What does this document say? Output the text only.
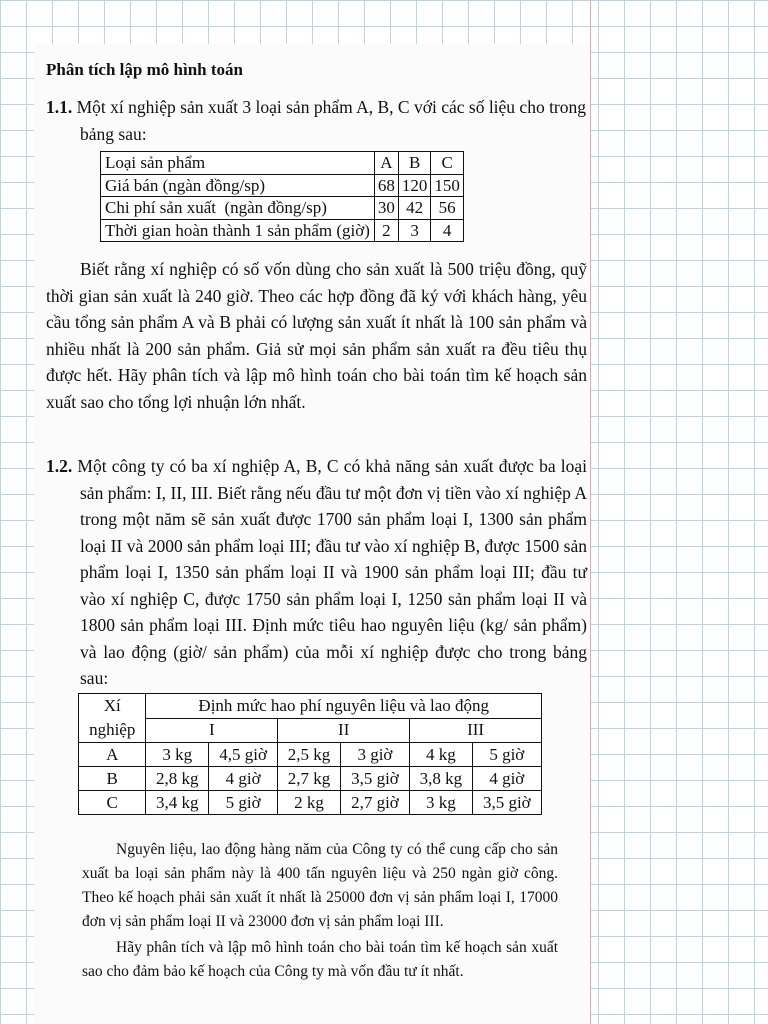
Phân tích lập mô hình toán

1.1. Một xí nghiệp sản xuất 3 loại sản phẩm A, B, C với các số liệu cho trong bảng sau:

Loại sản phẩm	A	B	C
Giá bán (ngàn đồng/sp)	68	120	150
Chi phí sản xuất  (ngàn đồng/sp)	30	42	56
Thời gian hoàn thành 1 sản phẩm (giờ)	2	3	4

Biết rằng xí nghiệp có số vốn dùng cho sản xuất là 500 triệu đồng, quỹ thời gian sản xuất là 240 giờ. Theo các hợp đồng đã ký với khách hàng, yêu cầu tổng sản phẩm A và B phải có lượng sản xuất ít nhất là 100 sản phẩm và nhiều nhất là 200 sản phẩm. Giả sử mọi sản phẩm sản xuất ra đều tiêu thụ được hết. Hãy phân tích và lập mô hình toán cho bài toán tìm kế hoạch sản xuất sao cho tổng lợi nhuận lớn nhất.

1.2. Một công ty có ba xí nghiệp A, B, C có khả năng sản xuất được ba loại sản phẩm: I, II, III. Biết rằng nếu đầu tư một đơn vị tiền vào xí nghiệp A trong một năm sẽ sản xuất được 1700 sản phẩm loại I, 1300 sản phẩm loại II và 2000 sản phẩm loại III; đầu tư vào xí nghiệp B, được 1500 sản phẩm loại I, 1350 sản phẩm loại II và 1900 sản phẩm loại III; đầu tư vào xí nghiệp C, được 1750 sản phẩm loại I, 1250 sản phẩm loại II và 1800 sản phẩm loại III. Định mức tiêu hao nguyên liệu (kg/ sản phẩm) và lao động (giờ/ sản phẩm) của mỗi xí nghiệp được cho trong bảng sau:

Xí
nghiệp	Định mức hao phí nguyên liệu và lao động					
	I		II		III	
A	3 kg	4,5 giờ	2,5 kg	3 giờ	4 kg	5 giờ
B	2,8 kg	4 giờ	2,7 kg	3,5 giờ	3,8 kg	4 giờ
C	3,4 kg	5 giờ	2 kg	2,7 giờ	3 kg	3,5 giờ

Nguyên liệu, lao động hàng năm của Công ty có thể cung cấp cho sản xuất ba loại sản phẩm này là 400 tấn nguyên liệu và 250 ngàn giờ công. Theo kế hoạch phải sản xuất ít nhất là 25000 đơn vị sản phẩm loại I, 17000 đơn vị sản phẩm loại II và 23000 đơn vị sản phẩm loại III.

Hãy phân tích và lập mô hình toán cho bài toán tìm kế hoạch sản xuất sao cho đảm bảo kế hoạch của Công ty mà vốn đầu tư ít nhất.
